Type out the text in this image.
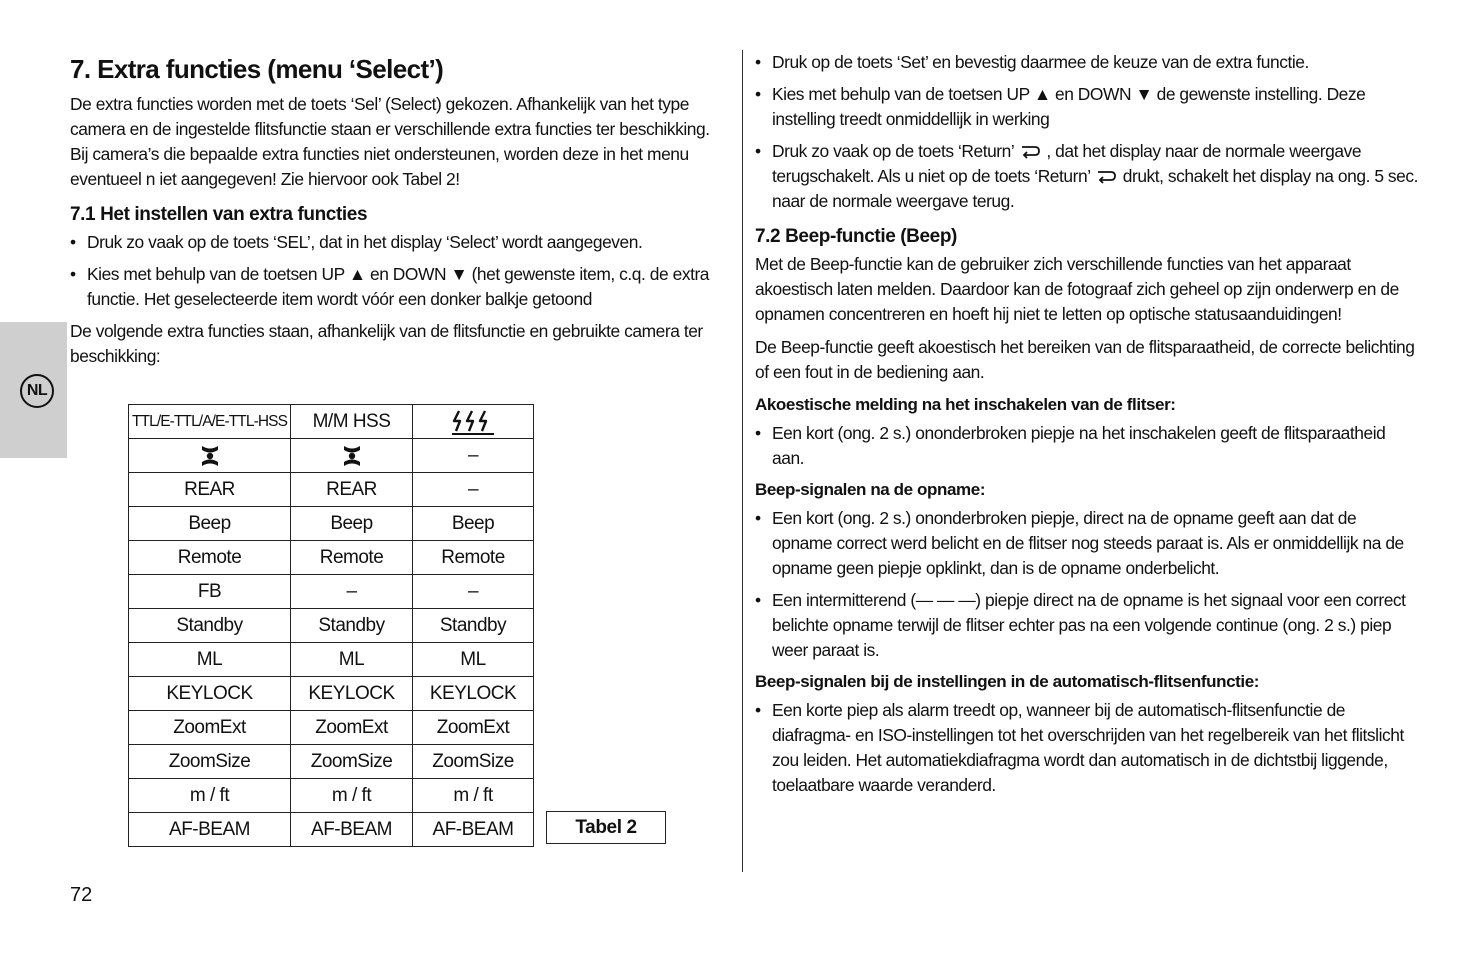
NL
7. Extra functies (menu ‘Select’)

De extra functies worden met de toets ‘Sel’ (Select) gekozen. Afhankelijk van het type camera en de ingestelde flitsfunctie staan er verschillende extra functies ter beschikking. Bij camera’s die bepaalde extra functies niet ondersteunen, worden deze in het menu eventueel n iet aangegeven! Zie hiervoor ook Tabel 2!

7.1 Het instellen van extra functies
• Druk zo vaak op de toets ‘SEL’, dat in het display ‘Select’ wordt aangegeven.
• Kies met behulp van de toetsen UP ▲ en DOWN ▼ (het gewenste item, c.q. de extra functie. Het geselecteerde item wordt vóór een donker balkje getoond

De volgende extra functies staan, afhankelijk van de flitsfunctie en gebruikte camera ter beschikking:

TTL/E-TTL/A/E-TTL-HSS	M/M HSS	
		–
REAR	REAR	–
Beep	Beep	Beep
Remote	Remote	Remote
FB	–	–
Standby	Standby	Standby
ML	ML	ML
KEYLOCK	KEYLOCK	KEYLOCK
ZoomExt	ZoomExt	ZoomExt
ZoomSize	ZoomSize	ZoomSize
m / ft	m / ft	m / ft
AF-BEAM	AF-BEAM	AF-BEAM	Tabel 2
• Druk op de toets ‘Set’ en bevestig daarmee de keuze van de extra functie.
• Kies met behulp van de toetsen UP ▲ en DOWN ▼ de gewenste instelling. Deze instelling treedt onmiddellijk in werking
• Druk zo vaak op de toets ‘Return’ , dat het display naar de normale weergave terugschakelt. Als u niet op de toets ‘Return’ drukt, schakelt het display na ong. 5 sec. naar de normale weergave terug.
7.2 Beep-functie (Beep)

Met de Beep-functie kan de gebruiker zich verschillende functies van het apparaat akoestisch laten melden. Daardoor kan de fotograaf zich geheel op zijn onderwerp en de opnamen concentreren en hoeft hij niet te letten op optische statusaanduidingen!

De Beep-functie geeft akoestisch het bereiken van de flitsparaatheid, de correcte belichting of een fout in de bediening aan.

Akoestische melding na het inschakelen van de flitser:
• Een kort (ong. 2 s.) ononderbroken piepje na het inschakelen geeft de flitsparaatheid aan.
Beep-signalen na de opname:
• Een kort (ong. 2 s.) ononderbroken piepje, direct na de opname geeft aan dat de opname correct werd belicht en de flitser nog steeds paraat is. Als er onmiddellijk na de opname geen piepje opklinkt, dan is de opname onderbelicht.
• Een intermitterend (— — —) piepje direct na de opname is het signaal voor een correct belichte opname terwijl de flitser echter pas na een volgende continue (ong. 2 s.) piep weer paraat is.
Beep-signalen bij de instellingen in de automatisch-flitsenfunctie:
• Een korte piep als alarm treedt op, wanneer bij de automatisch-flitsenfunctie de diafragma- en ISO-instellingen tot het overschrijden van het regelbereik van het flitslicht zou leiden. Het automatiekdiafragma wordt dan automatisch in de dichtstbij liggende, toelaatbare waarde veranderd.
72
